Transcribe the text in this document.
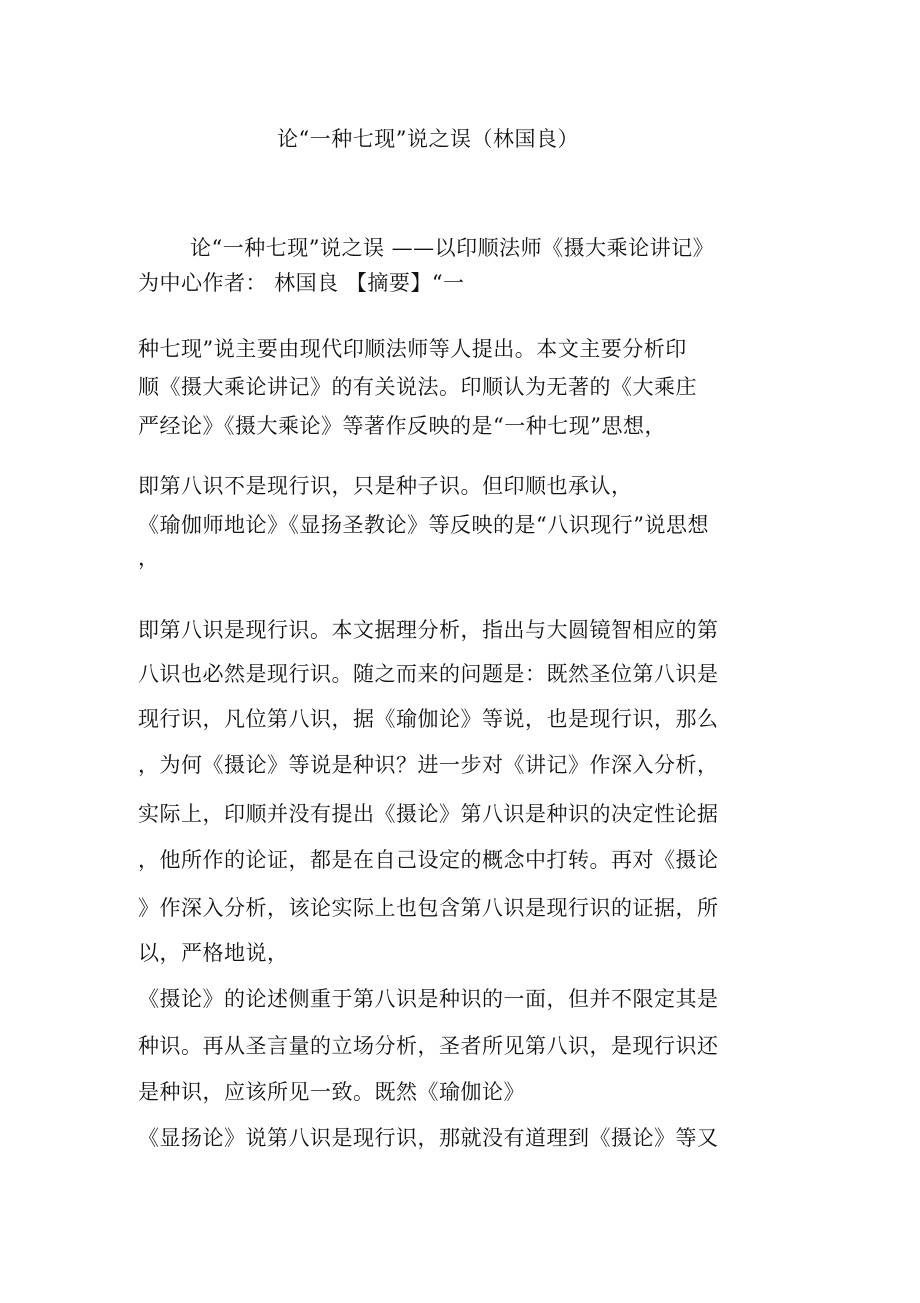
论“一种七现”说之误（林国良）
论“一种七现”说之误 ——以印顺法师《摄大乘论讲记》
为中心作者： 林国良 【摘要】“一
种七现”说主要由现代印顺法师等人提出。本文主要分析印
顺《摄大乘论讲记》的有关说法。印顺认为无著的《大乘庄
严经论》《摄大乘论》等著作反映的是“一种七现”思想，
即第八识不是现行识，只是种子识。但印顺也承认，
《瑜伽师地论》《显扬圣教论》等反映的是“八识现行”说思想
，
即第八识是现行识。本文据理分析，指出与大圆镜智相应的第
八识也必然是现行识。随之而来的问题是：既然圣位第八识是
现行识，凡位第八识，据《瑜伽论》等说，也是现行识，那么
，为何《摄论》等说是种识？进一步对《讲记》作深入分析，
实际上，印顺并没有提出《摄论》第八识是种识的决定性论据
，他所作的论证，都是在自己设定的概念中打转。再对《摄论
》作深入分析，该论实际上也包含第八识是现行识的证据，所
以，严格地说，
《摄论》的论述侧重于第八识是种识的一面，但并不限定其是
种识。再从圣言量的立场分析，圣者所见第八识，是现行识还
是种识，应该所见一致。既然《瑜伽论》
《显扬论》说第八识是现行识，那就没有道理到《摄论》等又
